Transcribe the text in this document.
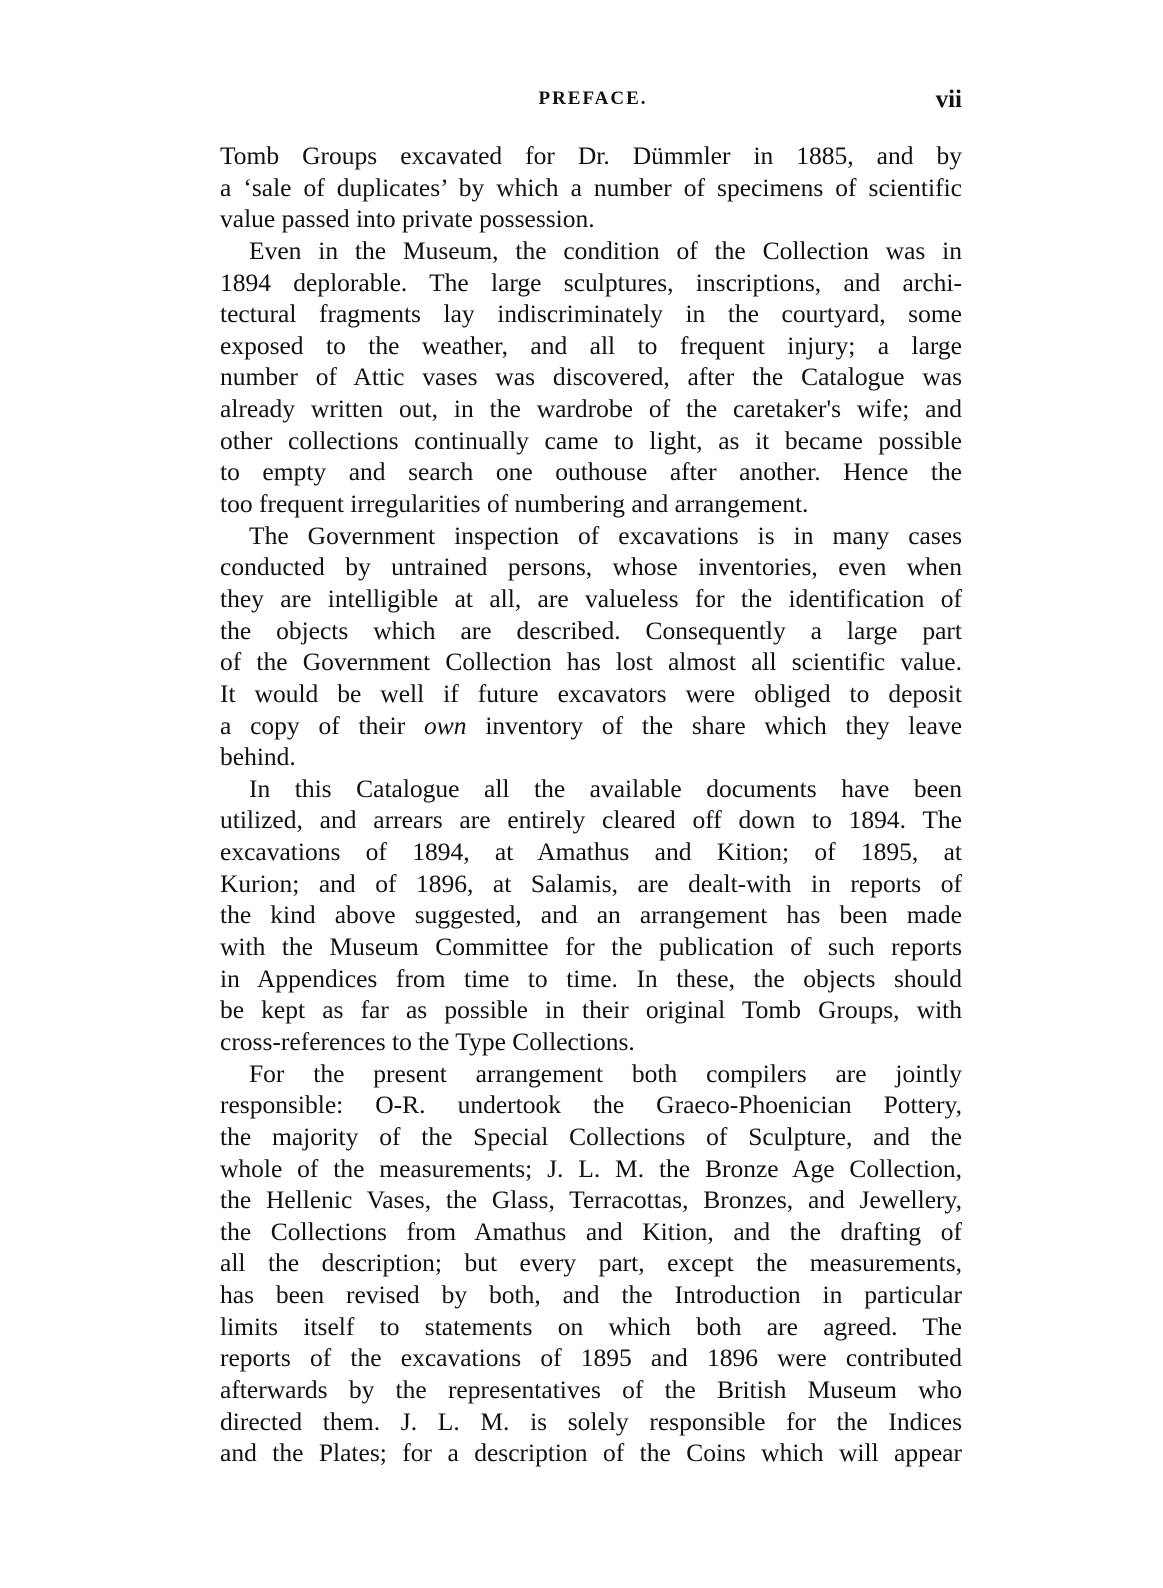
PREFACE.	vii
Tomb Groups excavated for Dr. Dümmler in 1885, and by
a ‘sale of duplicates’ by which a number of specimens of scientific
value passed into private possession.
Even in the Museum, the condition of the Collection was in
1894 deplorable. The large sculptures, inscriptions, and archi-
tectural fragments lay indiscriminately in the courtyard, some
exposed to the weather, and all to frequent injury; a large
number of Attic vases was discovered, after the Catalogue was
already written out, in the wardrobe of the caretaker's wife; and
other collections continually came to light, as it became possible
to empty and search one outhouse after another. Hence the
too frequent irregularities of numbering and arrangement.
The Government inspection of excavations is in many cases
conducted by untrained persons, whose inventories, even when
they are intelligible at all, are valueless for the identification of
the objects which are described. Consequently a large part
of the Government Collection has lost almost all scientific value.
It would be well if future excavators were obliged to deposit
a copy of their own inventory of the share which they leave
behind.
In this Catalogue all the available documents have been
utilized, and arrears are entirely cleared off down to 1894. The
excavations of 1894, at Amathus and Kition; of 1895, at
Kurion; and of 1896, at Salamis, are dealt-with in reports of
the kind above suggested, and an arrangement has been made
with the Museum Committee for the publication of such reports
in Appendices from time to time. In these, the objects should
be kept as far as possible in their original Tomb Groups, with
cross-references to the Type Collections.
For the present arrangement both compilers are jointly
responsible: O-R. undertook the Graeco-Phoenician Pottery,
the majority of the Special Collections of Sculpture, and the
whole of the measurements; J. L. M. the Bronze Age Collection,
the Hellenic Vases, the Glass, Terracottas, Bronzes, and Jewellery,
the Collections from Amathus and Kition, and the drafting of
all the description; but every part, except the measurements,
has been revised by both, and the Introduction in particular
limits itself to statements on which both are agreed. The
reports of the excavations of 1895 and 1896 were contributed
afterwards by the representatives of the British Museum who
directed them. J. L. M. is solely responsible for the Indices
and the Plates; for a description of the Coins which will appear
